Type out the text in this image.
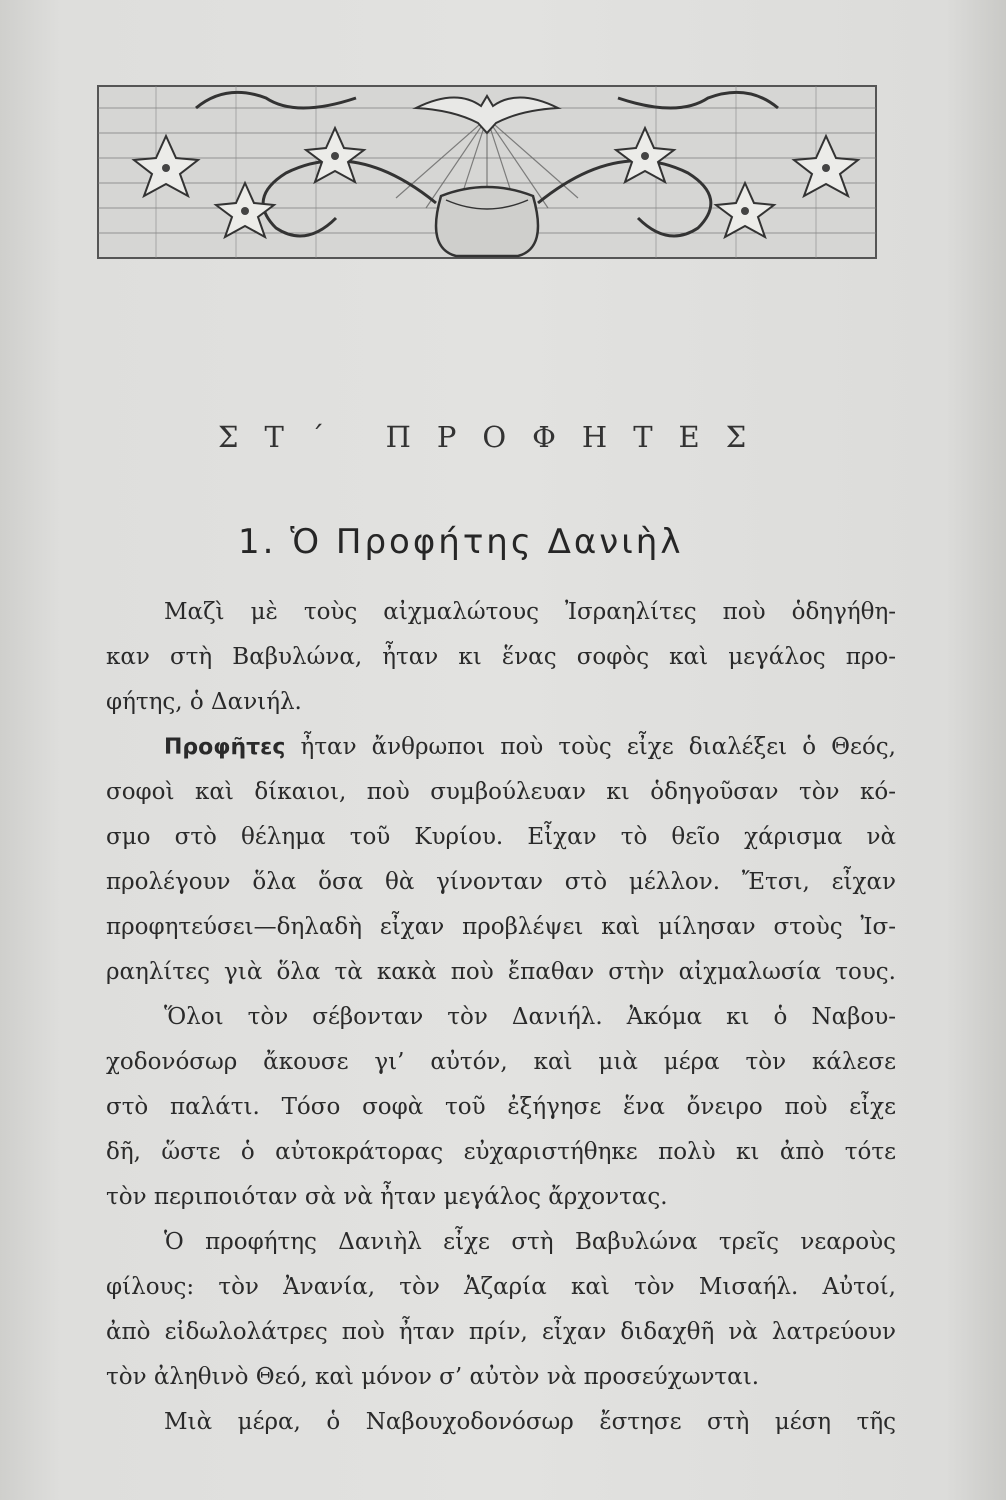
ΣΤ΄ ΠΡΟΦΗΤΕΣ
1. Ὁ Προφήτης Δανιὴλ
Μαζὶ μὲ τοὺς αἰχμαλώτους Ἰσραηλίτες ποὺ ὁδηγήθη-
καν στὴ Βαβυλώνα, ἦταν κι ἕνας σοφὸς καὶ μεγάλος προ-
φήτης, ὁ Δανιήλ.
Προφῆτες ἦταν ἄνθρωποι ποὺ τοὺς εἶχε διαλέξει ὁ Θεός,
σοφοὶ καὶ δίκαιοι, ποὺ συμβούλευαν κι ὁδηγοῦσαν τὸν κό-
σμο στὸ θέλημα τοῦ Κυρίου. Εἶχαν τὸ θεῖο χάρισμα νὰ
προλέγουν ὅλα ὅσα θὰ γίνονταν στὸ μέλλον. Ἔτσι, εἶχαν
προφητεύσει—δηλαδὴ εἶχαν προβλέψει καὶ μίλησαν στοὺς Ἰσ-
ραηλίτες γιὰ ὅλα τὰ κακὰ ποὺ ἔπαθαν στὴν αἰχμαλωσία τους.
Ὅλοι τὸν σέβονταν τὸν Δανιήλ. Ἀκόμα κι ὁ Ναβου-
χοδονόσωρ ἄκουσε γι’ αὐτόν, καὶ μιὰ μέρα τὸν κάλεσε
στὸ παλάτι. Τόσο σοφὰ τοῦ ἐξήγησε ἕνα ὄνειρο ποὺ εἶχε
δῆ, ὥστε ὁ αὐτοκράτορας εὐχαριστήθηκε πολὺ κι ἀπὸ τότε
τὸν περιποιόταν σὰ νὰ ἦταν μεγάλος ἄρχοντας.
Ὁ προφήτης Δανιὴλ εἶχε στὴ Βαβυλώνα τρεῖς νεαροὺς
φίλους: τὸν Ἀνανία, τὸν Ἀζαρία καὶ τὸν Μισαήλ. Αὐτοί,
ἀπὸ εἰδωλολάτρες ποὺ ἦταν πρίν, εἶχαν διδαχθῆ νὰ λατρεύουν
τὸν ἀληθινὸ Θεό, καὶ μόνον σ’ αὐτὸν νὰ προσεύχωνται.
Μιὰ μέρα, ὁ Ναβουχοδονόσωρ ἔστησε στὴ μέση τῆς
